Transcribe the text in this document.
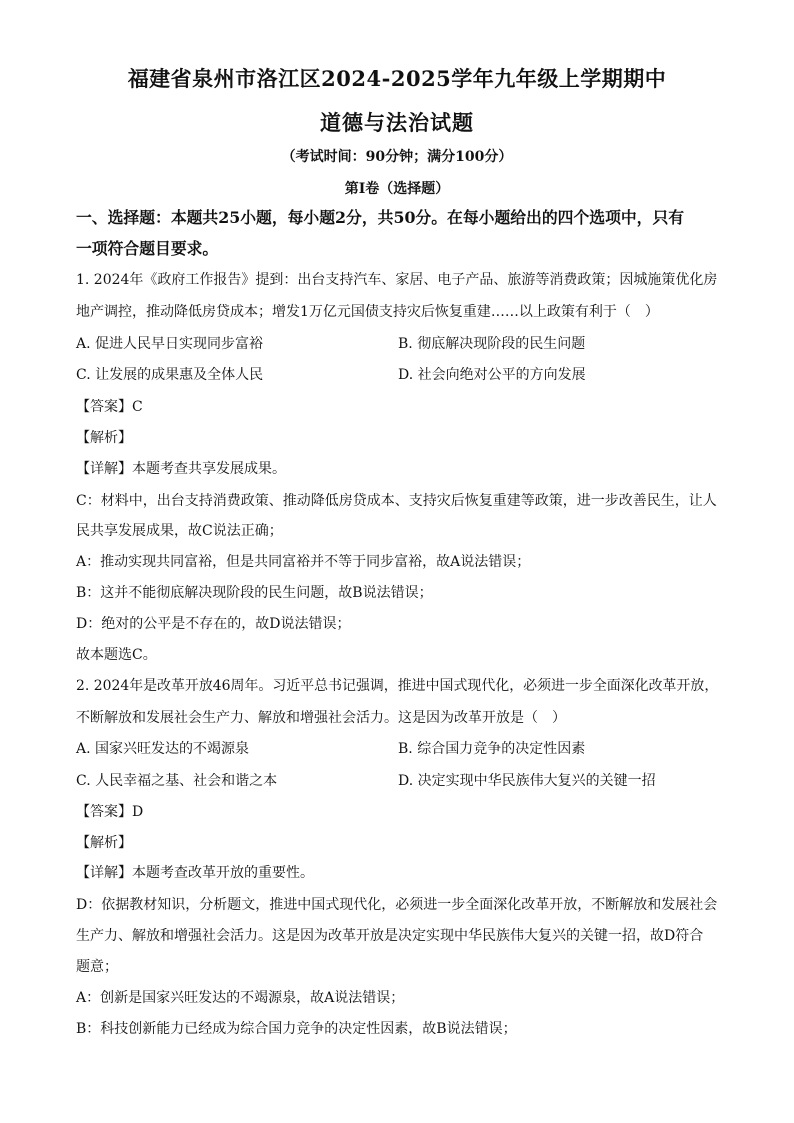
福建省泉州市洛江区2024-2025学年九年级上学期期中
道德与法治试题
（考试时间：90分钟；满分100分）
第Ⅰ卷（选择题）
一、选择题：本题共25小题，每小题2分，共50分。在每小题给出的四个选项中，只有
一项符合题目要求。
1. 2024年《政府工作报告》提到：出台支持汽车、家居、电子产品、旅游等消费政策；因城施策优化房
地产调控，推动降低房贷成本；增发1万亿元国债支持灾后恢复重建……以上政策有利于（　）
A. 促进人民早日实现同步富裕	B. 彻底解决现阶段的民生问题
C. 让发展的成果惠及全体人民	D. 社会向绝对公平的方向发展
【答案】C
【解析】
【详解】本题考查共享发展成果。
C：材料中，出台支持消费政策、推动降低房贷成本、支持灾后恢复重建等政策，进一步改善民生，让人
民共享发展成果，故C说法正确；
A：推动实现共同富裕，但是共同富裕并不等于同步富裕，故A说法错误；
B：这并不能彻底解决现阶段的民生问题，故B说法错误；
D：绝对的公平是不存在的，故D说法错误；
故本题选C。
2. 2024年是改革开放46周年。习近平总书记强调，推进中国式现代化，必须进一步全面深化改革开放，
不断解放和发展社会生产力、解放和增强社会活力。这是因为改革开放是（　）
A. 国家兴旺发达的不竭源泉	B. 综合国力竞争的决定性因素
C. 人民幸福之基、社会和谐之本	D. 决定实现中华民族伟大复兴的关键一招
【答案】D
【解析】
【详解】本题考查改革开放的重要性。
D：依据教材知识，分析题文，推进中国式现代化，必须进一步全面深化改革开放，不断解放和发展社会
生产力、解放和增强社会活力。这是因为改革开放是决定实现中华民族伟大复兴的关键一招，故D符合
题意；
A：创新是国家兴旺发达的不竭源泉，故A说法错误；
B：科技创新能力已经成为综合国力竞争的决定性因素，故B说法错误；
